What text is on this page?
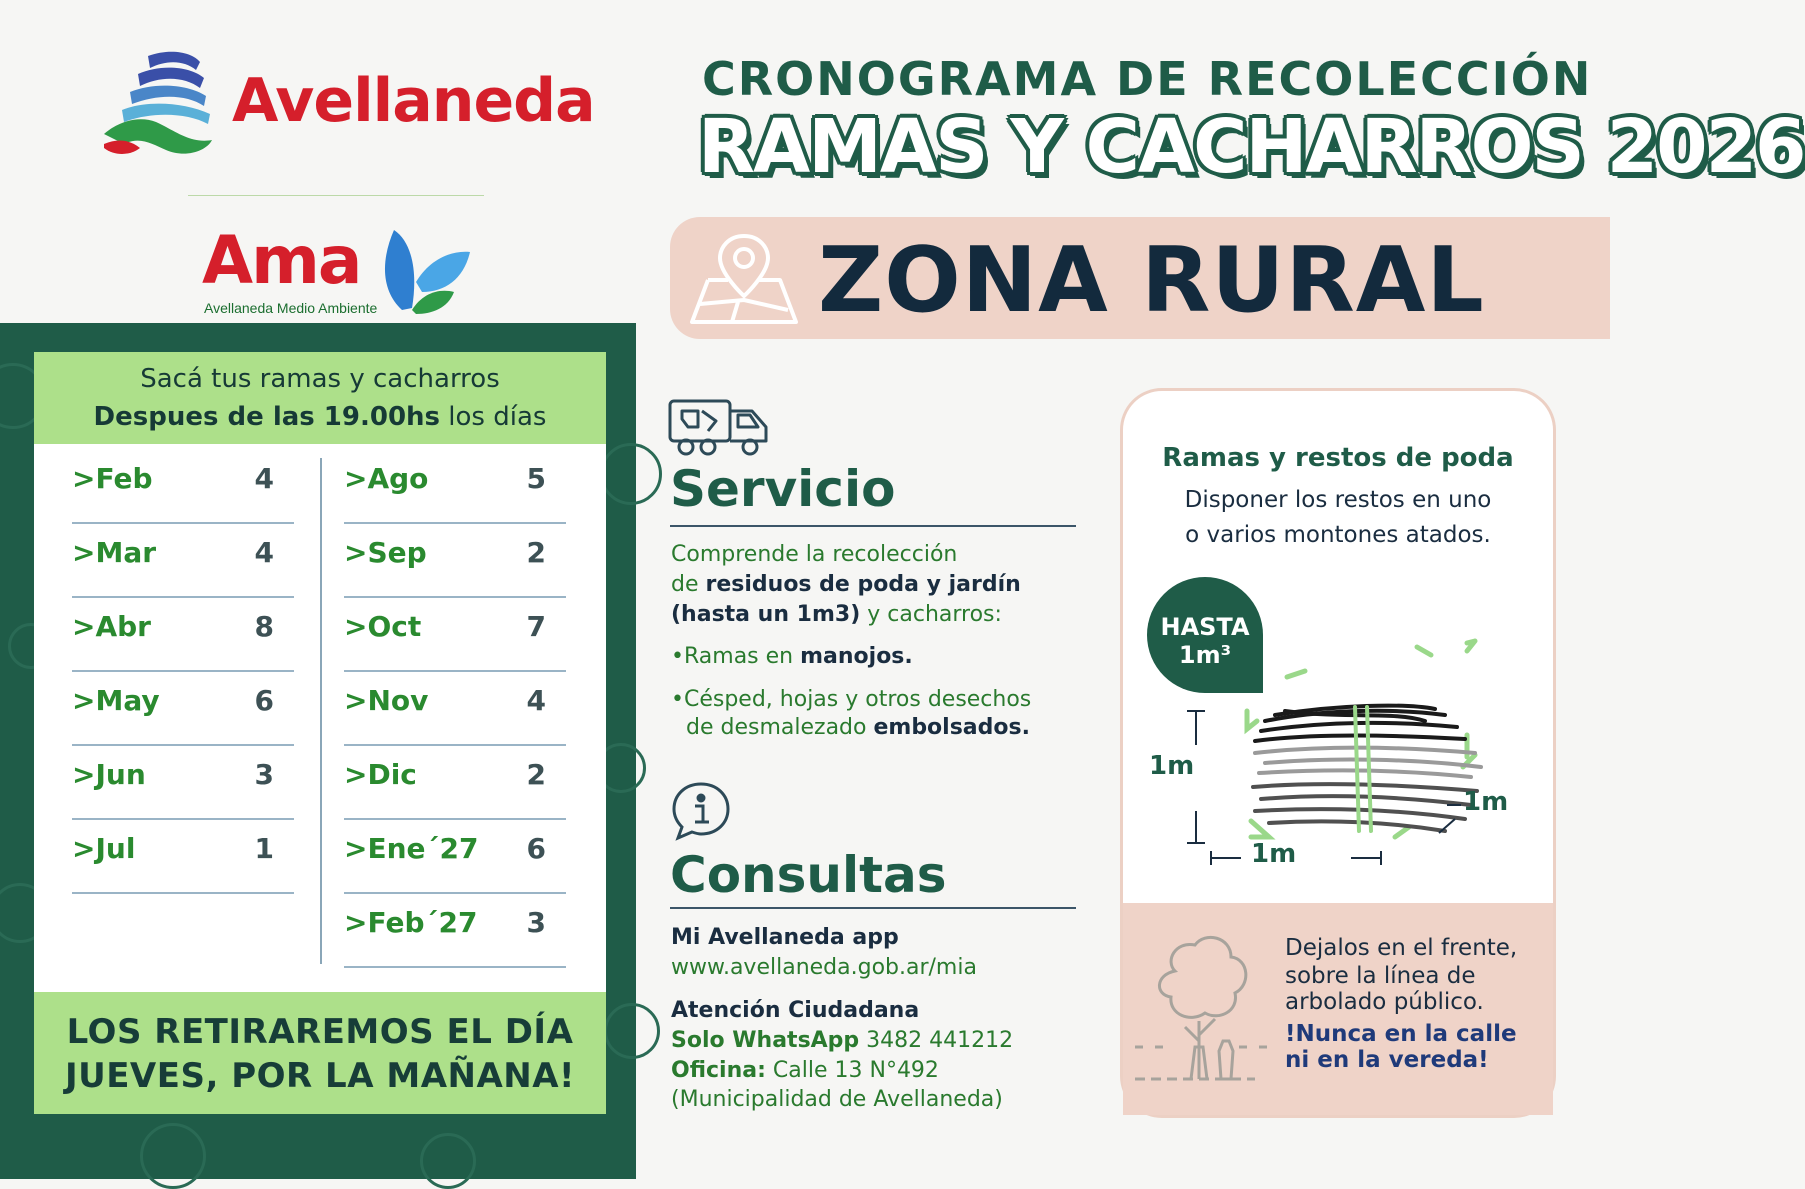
Avellaneda
Ama
Avellaneda Medio Ambiente
Sacá tus ramas y cacharros
Despues de las 19.00hs los días
>Feb	4
>Mar	4
>Abr	8
>May	6
>Jun	3
>Jul	1
>Ago	5
>Sep	2
>Oct	7
>Nov	4
>Dic	2
>Ene´27 6
>Feb´27 3
LOS RETIRAREMOS EL DÍA
JUEVES, POR LA MAÑANA!
CRONOGRAMA DE RECOLECCIÓN
RAMAS Y CACHARROS 2026
ZONA RURAL
Servicio
Comprende la recolección
de residuos de poda y jardín
(hasta un 1m3) y cacharros:
•Ramas en manojos.
•Césped, hojas y otros desechos
de desmalezado embolsados.
Consultas
Mi Avellaneda app
www.avellaneda.gob.ar/mia
Atención Ciudadana
Solo WhatsApp 3482 441212
Oficina: Calle 13 N°492
(Municipalidad de Avellaneda)
Ramas y restos de poda
Disponer los restos en uno
o varios montones atados.
HASTA
1m³
1m
1m
1m
Dejalos en el frente,
sobre la línea de
arbolado público.
!Nunca en la calle
ni en la vereda!
